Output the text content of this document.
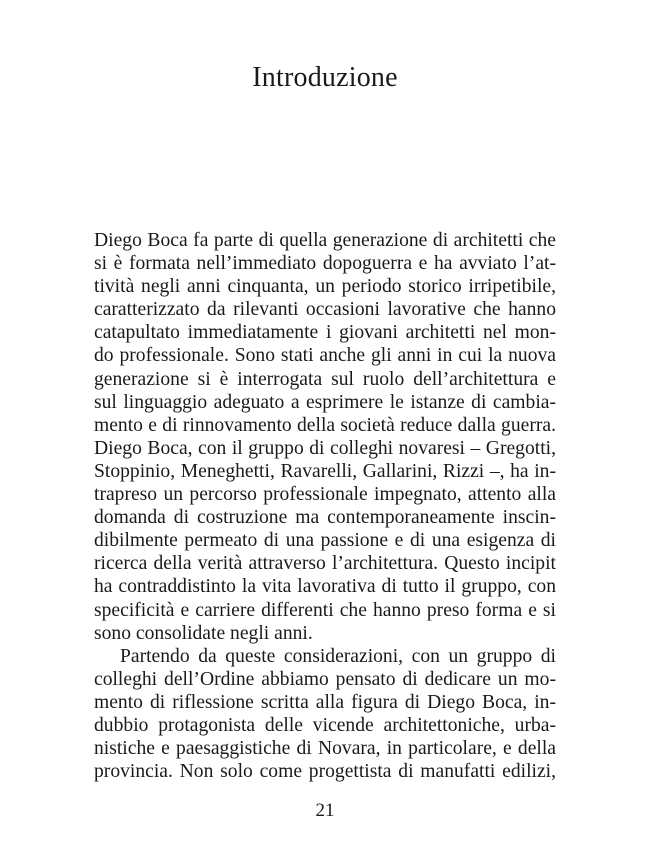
Introduzione
Diego Boca fa parte di quella generazione di architetti che
si è formata nell’immediato dopoguerra e ha avviato l’at-
tività negli anni cinquanta, un periodo storico irripetibile,
caratterizzato da rilevanti occasioni lavorative che hanno
catapultato immediatamente i giovani architetti nel mon-
do professionale. Sono stati anche gli anni in cui la nuova
generazione si è interrogata sul ruolo dell’architettura e
sul linguaggio adeguato a esprimere le istanze di cambia-
mento e di rinnovamento della società reduce dalla guerra.
Diego Boca, con il gruppo di colleghi novaresi – Gregotti,
Stoppinio, Meneghetti, Ravarelli, Gallarini, Rizzi –, ha in-
trapreso un percorso professionale impegnato, attento alla
domanda di costruzione ma contemporaneamente inscin-
dibilmente permeato di una passione e di una esigenza di
ricerca della verità attraverso l’architettura. Questo incipit
ha contraddistinto la vita lavorativa di tutto il gruppo, con
specificità e carriere differenti che hanno preso forma e si
sono consolidate negli anni.
Partendo da queste considerazioni, con un gruppo di
colleghi dell’Ordine abbiamo pensato di dedicare un mo-
mento di riflessione scritta alla figura di Diego Boca, in-
dubbio protagonista delle vicende architettoniche, urba-
nistiche e paesaggistiche di Novara, in particolare, e della
provincia. Non solo come progettista di manufatti edilizi,
21
